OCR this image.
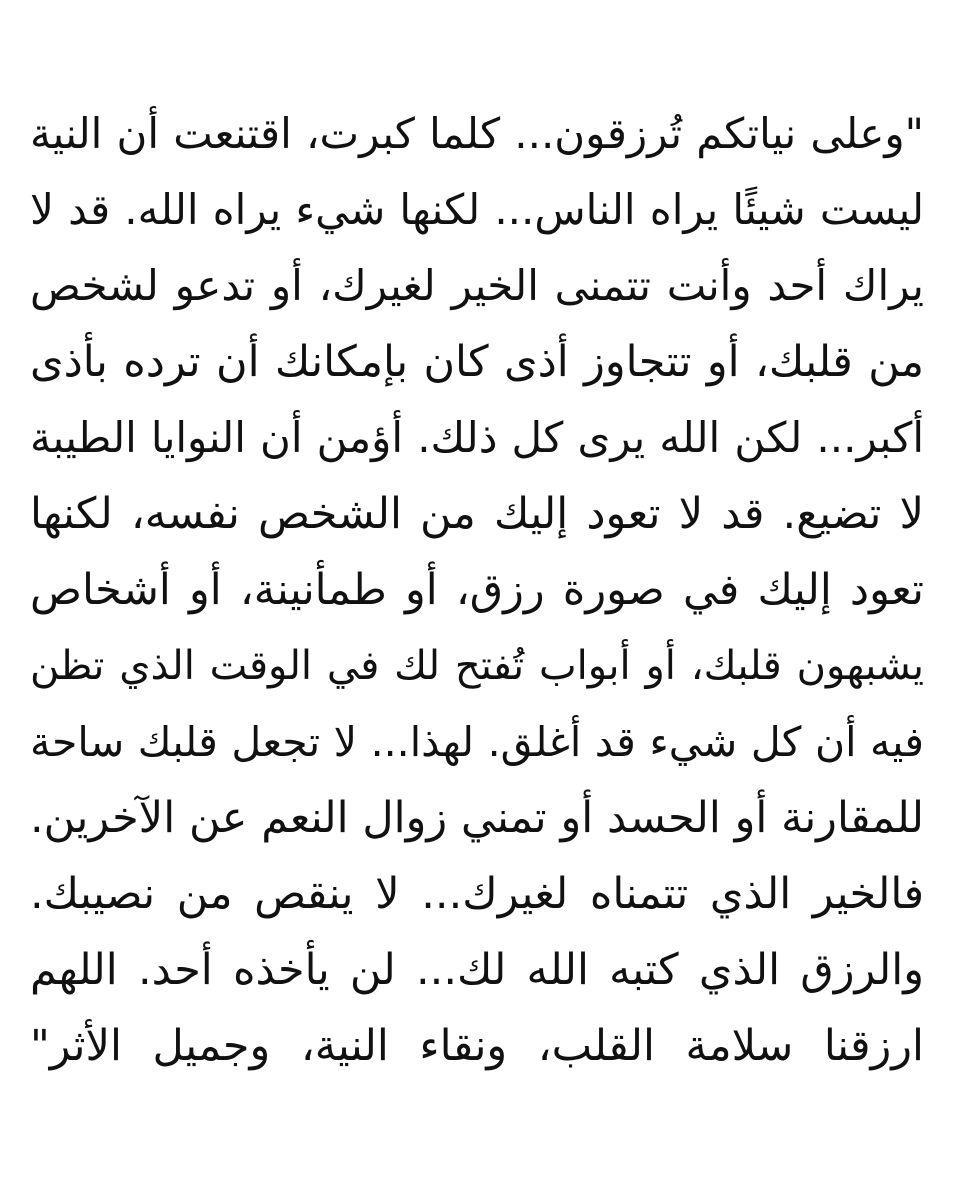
"وعلى نياتكم تُرزقون... كلما كبرت، اقتنعت أن النية
ليست شيئًا يراه الناس... لكنها شيء يراه الله. قد لا
يراك أحد وأنت تتمنى الخير لغيرك، أو تدعو لشخص
من قلبك، أو تتجاوز أذى كان بإمكانك أن ترده بأذى
أكبر... لكن الله يرى كل ذلك. أؤمن أن النوايا الطيبة
لا تضيع. قد لا تعود إليك من الشخص نفسه، لكنها
تعود إليك في صورة رزق، أو طمأنينة، أو أشخاص
يشبهون قلبك، أو أبواب تُفتح لك في الوقت الذي تظن
فيه أن كل شيء قد أغلق. لهذا... لا تجعل قلبك ساحة
للمقارنة أو الحسد أو تمني زوال النعم عن الآخرين.
فالخير الذي تتمناه لغيرك... لا ينقص من نصيبك.
والرزق الذي كتبه الله لك... لن يأخذه أحد. اللهم
ارزقنا سلامة القلب، ونقاء النية، وجميل الأثر"
